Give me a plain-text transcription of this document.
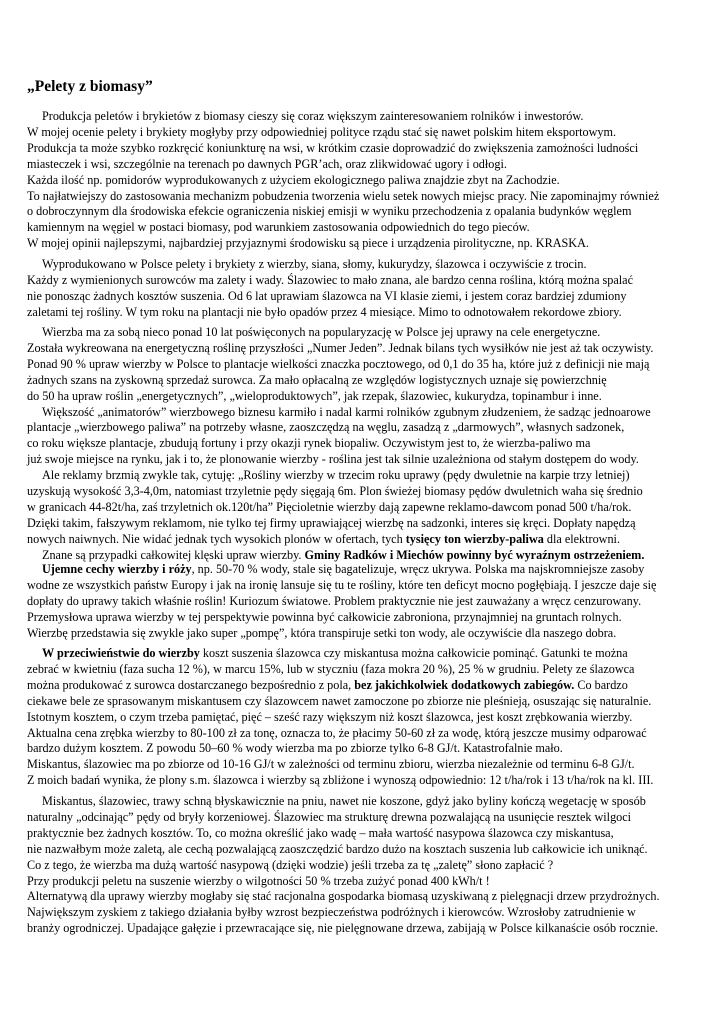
„Pelety z biomasy”
Produkcja peletów i brykietów z biomasy cieszy się coraz większym zainteresowaniem rolników i inwestorów.
W mojej ocenie pelety i brykiety mogłyby przy odpowiedniej polityce rządu stać się nawet polskim hitem eksportowym.
Produkcja ta może szybko rozkręcić koniunkturę na wsi, w krótkim czasie doprowadzić do zwiększenia zamożności ludności
miasteczek i wsi, szczególnie na terenach po dawnych PGR’ach, oraz zlikwidować ugory i odłogi.
Każda ilość np. pomidorów wyprodukowanych z użyciem ekologicznego paliwa znajdzie zbyt na Zachodzie.
To najłatwiejszy do zastosowania mechanizm pobudzenia tworzenia wielu setek nowych miejsc pracy. Nie zapominajmy również
o dobroczynnym dla środowiska efekcie ograniczenia niskiej emisji w wyniku przechodzenia z opalania budynków węglem
kamiennym na węgiel w postaci biomasy, pod warunkiem zastosowania odpowiednich do tego pieców.
W mojej opinii najlepszymi, najbardziej przyjaznymi środowisku są piece i urządzenia pirolityczne, np. KRASKA.
Wyprodukowano w Polsce pelety i brykiety z wierzby, siana, słomy, kukurydzy, ślazowca i oczywiście z trocin.
Każdy z wymienionych surowców ma zalety i wady. Ślazowiec to mało znana, ale bardzo cenna roślina, którą można spalać
nie ponosząc żadnych kosztów suszenia. Od 6 lat uprawiam ślazowca na VI klasie ziemi, i jestem coraz bardziej zdumiony
zaletami tej rośliny. W tym roku na plantacji nie było opadów przez 4 miesiące. Mimo to odnotowałem rekordowe zbiory.
Wierzba ma za sobą nieco ponad 10 lat poświęconych na popularyzację w Polsce jej uprawy na cele energetyczne.
Została wykreowana na energetyczną roślinę przyszłości „Numer Jeden”. Jednak bilans tych wysiłków nie jest aż tak oczywisty.
Ponad 90 % upraw wierzby w Polsce to plantacje wielkości znaczka pocztowego, od 0,1 do 35 ha, które już z definicji nie mają
żadnych szans na zyskowną sprzedaż surowca. Za mało opłacalną ze względów logistycznych uznaje się powierzchnię
do 50 ha upraw roślin „energetycznych”, „wieloproduktowych”, jak rzepak, ślazowiec, kukurydza, topinambur i inne.
Większość „animatorów” wierzbowego biznesu karmiło i nadal karmi rolników zgubnym złudzeniem, że sadząc jednoarowe
plantacje „wierzbowego paliwa” na potrzeby własne, zaoszczędzą na węglu, zasadzą z „darmowych”, własnych sadzonek,
co roku większe plantacje, zbudują fortuny i przy okazji rynek biopaliw. Oczywistym jest to, że wierzba-paliwo ma
już swoje miejsce na rynku, jak i to, że plonowanie wierzby - roślina jest tak silnie uzależniona od stałym dostępem do wody.
Ale reklamy brzmią zwykle tak, cytuję: „Rośliny wierzby w trzecim roku uprawy (pędy dwuletnie na karpie trzy letniej)
uzyskują wysokość 3,3-4,0m, natomiast trzyletnie pędy sięgają 6m. Plon świeżej biomasy pędów dwuletnich waha się średnio
w granicach 44-82t/ha, zaś trzyletnich ok.120t/ha” Pięcioletnie wierzby dają zapewne reklamo-dawcom ponad 500 t/ha/rok.
Dzięki takim, fałszywym reklamom, nie tylko tej firmy uprawiającej wierzbę na sadzonki, interes się kręci. Dopłaty napędzą
nowych naiwnych. Nie widać jednak tych wysokich plonów w ofertach, tych tysięcy ton wierzby-paliwa dla elektrowni.
Znane są przypadki całkowitej klęski upraw wierzby. Gminy Radków i Miechów powinny być wyraźnym ostrzeżeniem.
Ujemne cechy wierzby i róży, np. 50-70 % wody, stale się bagatelizuje, wręcz ukrywa. Polska ma najskromniejsze zasoby
wodne ze wszystkich państw Europy i jak na ironię lansuje się tu te rośliny, które ten deficyt mocno pogłębiają. I jeszcze daje się
dopłaty do uprawy takich właśnie roślin! Kuriozum światowe. Problem praktycznie nie jest zauważany a wręcz cenzurowany.
Przemysłowa uprawa wierzby w tej perspektywie powinna być całkowicie zabroniona, przynajmniej na gruntach rolnych.
Wierzbę przedstawia się zwykle jako super „pompę”, która transpiruje setki ton wody, ale oczywiście dla naszego dobra.
W przeciwieństwie do wierzby koszt suszenia ślazowca czy miskantusa można całkowicie pominąć. Gatunki te można
zebrać w kwietniu (faza sucha 12 %), w marcu 15%, lub w styczniu (faza mokra 20 %), 25 % w grudniu. Pelety ze ślazowca
można produkować z surowca dostarczanego bezpośrednio z pola, bez jakichkolwiek dodatkowych zabiegów. Co bardzo
ciekawe bele ze sprasowanym miskantusem czy ślazowcem nawet zamoczone po zbiorze nie pleśnieją, osuszając się naturalnie.
Istotnym kosztem, o czym trzeba pamiętać, pięć – sześć razy większym niż koszt ślazowca, jest koszt zrębkowania wierzby.
Aktualna cena zrębka wierzby to 80-100 zł za tonę, oznacza to, że płacimy 50-60 zł za wodę, którą jeszcze musimy odparować
bardzo dużym kosztem. Z powodu 50–60 % wody wierzba ma po zbiorze tylko 6-8 GJ/t. Katastrofalnie mało.
Miskantus, ślazowiec ma po zbiorze od 10-16 GJ/t w zależności od terminu zbioru, wierzba niezależnie od terminu 6-8 GJ/t.
Z moich badań wynika, że plony s.m. ślazowca i wierzby są zbliżone i wynoszą odpowiednio: 12 t/ha/rok i 13 t/ha/rok na kl. III.
Miskantus, ślazowiec, trawy schną błyskawicznie na pniu, nawet nie koszone, gdyż jako byliny kończą wegetację w sposób
naturalny „odcinając” pędy od bryły korzeniowej. Ślazowiec ma strukturę drewna pozwalającą na usunięcie resztek wilgoci
praktycznie bez żadnych kosztów. To, co można określić jako wadę – mała wartość nasypowa ślazowca czy miskantusa,
nie nazwałbym może zaletą, ale cechą pozwalającą zaoszczędzić bardzo dużo na kosztach suszenia lub całkowicie ich uniknąć.
Co z tego, że wierzba ma dużą wartość nasypową (dzięki wodzie) jeśli trzeba za tę „zaletę” słono zapłacić ?
Przy produkcji peletu na suszenie wierzby o wilgotności 50 % trzeba zużyć ponad 400 kWh/t !
Alternatywą dla uprawy wierzby mogłaby się stać racjonalna gospodarka biomasą uzyskiwaną z pielęgnacji drzew przydrożnych.
Największym zyskiem z takiego działania byłby wzrost bezpieczeństwa podróżnych i kierowców. Wzrosłoby zatrudnienie w
branży ogrodniczej. Upadające gałęzie i przewracające się, nie pielęgnowane drzewa, zabijają w Polsce kilkanaście osób rocznie.
